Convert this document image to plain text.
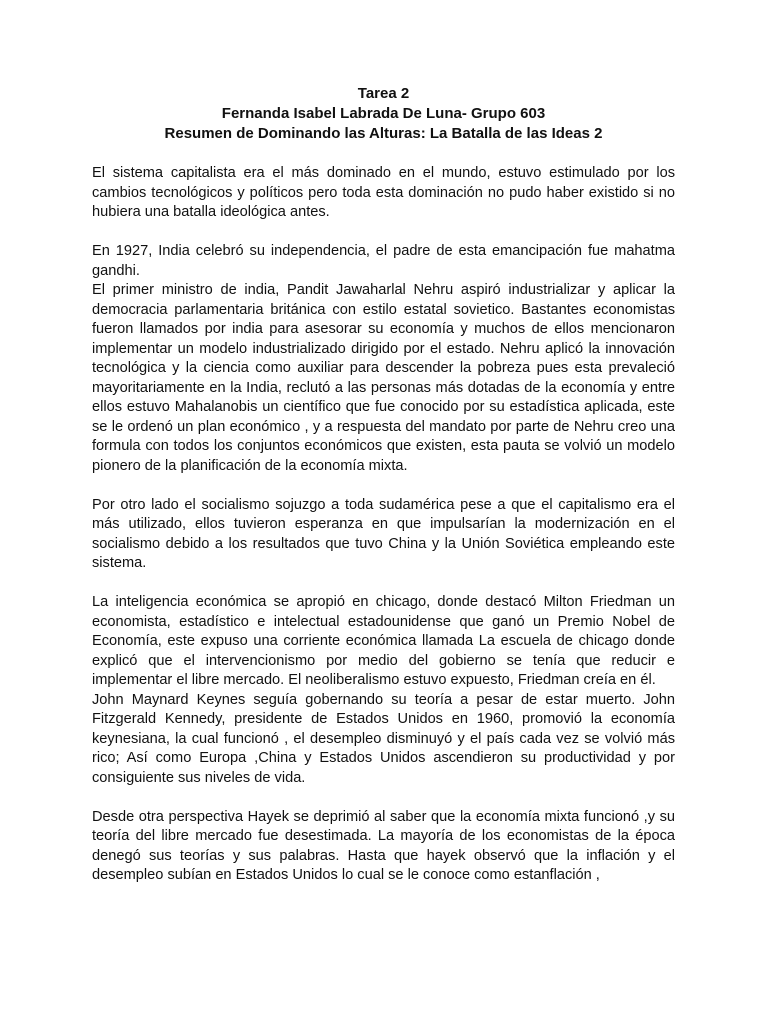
Tarea 2
Fernanda Isabel Labrada De Luna- Grupo 603
Resumen de Dominando las Alturas: La Batalla de las Ideas 2

El sistema capitalista era el más dominado en el mundo, estuvo estimulado por los cambios tecnológicos y políticos pero toda esta dominación no pudo haber existido si no hubiera una batalla ideológica antes.

En 1927, India celebró su independencia, el padre de esta emancipación fue mahatma gandhi.

El primer ministro de india, Pandit Jawaharlal Nehru aspiró industrializar y aplicar la democracia parlamentaria británica con estilo estatal sovietico. Bastantes economistas fueron llamados por india para asesorar su economía y muchos de ellos mencionaron implementar un modelo industrializado dirigido por el estado. Nehru aplicó la innovación tecnológica y la ciencia como auxiliar para descender la pobreza pues esta prevaleció mayoritariamente en la India, reclutó a las personas más dotadas de la economía y entre ellos estuvo Mahalanobis un científico que fue conocido por su estadística aplicada, este se le ordenó un plan económico , y a respuesta del mandato por parte de Nehru creo una formula con todos los conjuntos económicos que existen, esta pauta se volvió un modelo pionero de la planificación de la economía mixta.

Por otro lado el socialismo sojuzgo a toda sudamérica pese a que el capitalismo era el más utilizado, ellos tuvieron esperanza en que impulsarían la modernización en el socialismo debido a los resultados que tuvo China y la Unión Soviética empleando este sistema.

La inteligencia económica se apropió en chicago, donde destacó Milton Friedman un economista, estadístico e intelectual estadounidense que ganó un Premio Nobel de Economía, este expuso una corriente económica llamada La escuela de chicago donde explicó que el intervencionismo por medio del gobierno se tenía que reducir e implementar el libre mercado. El neoliberalismo estuvo expuesto, Friedman creía en él.

John Maynard Keynes seguía gobernando su teoría a pesar de estar muerto. John Fitzgerald Kennedy, presidente de Estados Unidos en 1960, promovió la economía keynesiana, la cual funcionó , el desempleo disminuyó y el país cada vez se volvió más rico; Así como Europa ,China y Estados Unidos ascendieron su productividad y por consiguiente sus niveles de vida.

Desde otra perspectiva Hayek se deprimió al saber que la economía mixta funcionó ,y su teoría del libre mercado fue desestimada. La mayoría de los economistas de la época denegó sus teorías y sus palabras. Hasta que hayek observó que la inflación y el desempleo subían en Estados Unidos lo cual se le conoce como estanflación ,
